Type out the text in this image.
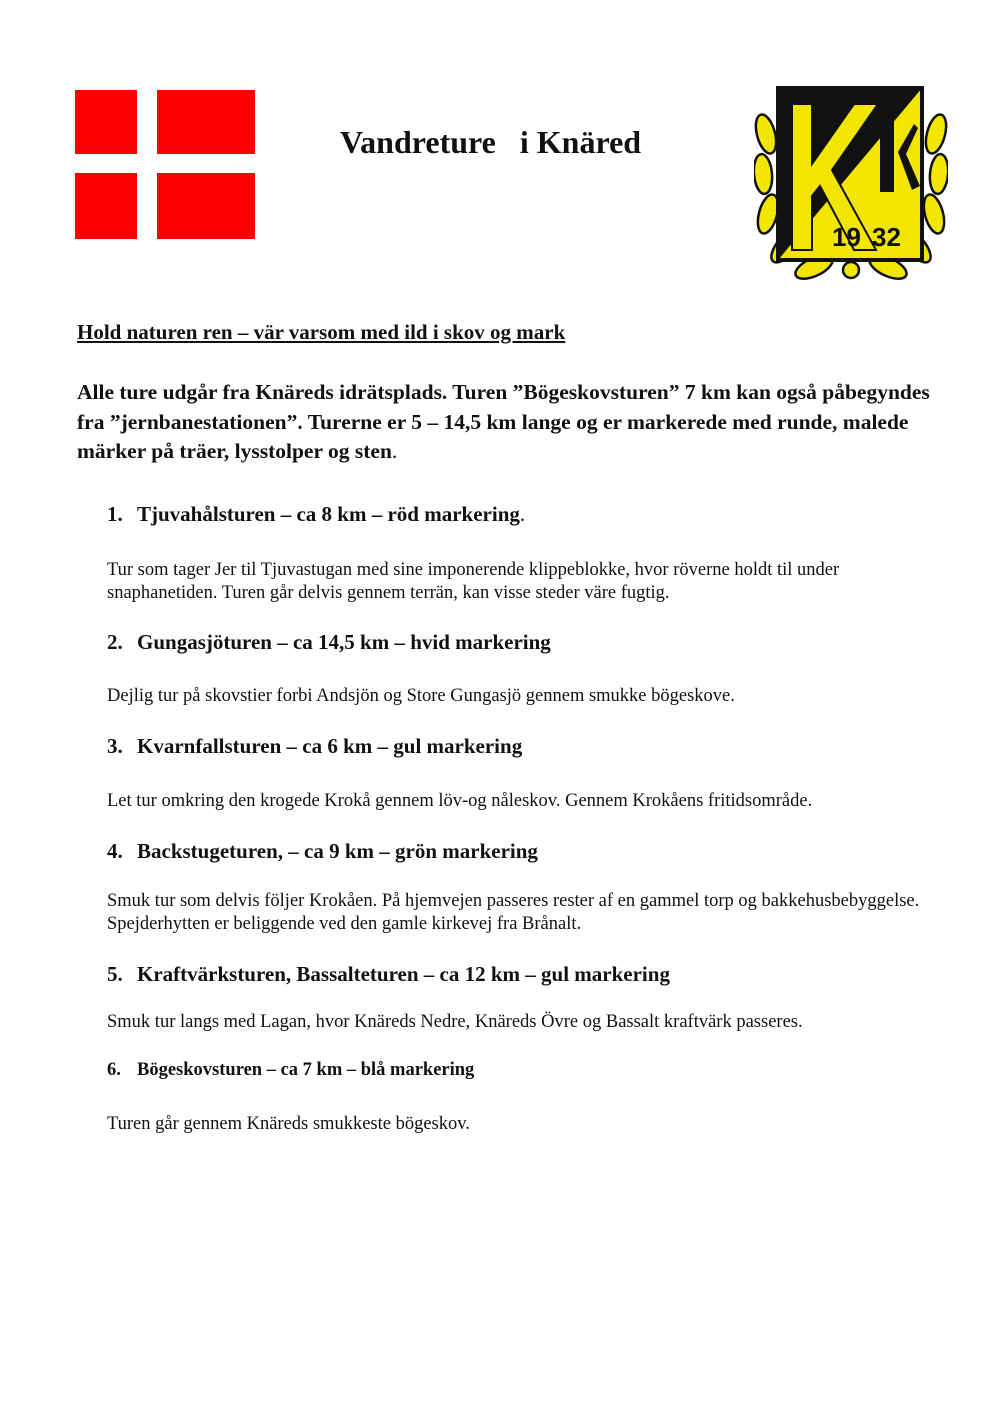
Vandreture   i Knäred
19 32

Hold naturen ren – vär varsom med ild i skov og mark

Alle ture udgår fra Knäreds idrätsplads. Turen ”Bögeskovsturen” 7 km kan også påbegyndes fra ”jernbanestationen”. Turerne er 5 – 14,5 km lange og er markerede med runde, malede märker på träer, lysstolper og sten.

1. Tjuvahålsturen – ca 8 km – röd markering.

Tur som tager Jer til Tjuvastugan med sine imponerende klippeblokke, hvor röverne holdt til under snaphanetiden. Turen går delvis gennem terrän, kan visse steder väre fugtig.

2. Gungasjöturen – ca 14,5 km – hvid markering

Dejlig tur på skovstier forbi Andsjön og Store Gungasjö gennem smukke bögeskove.

3. Kvarnfallsturen – ca 6 km – gul markering

Let tur omkring den krogede Krokå gennem löv-og nåleskov. Gennem Krokåens fritidsområde.

4. Backstugeturen, – ca 9 km – grön markering

Smuk tur som delvis följer Krokåen. På hjemvejen passeres rester af en gammel torp og bakkehusbebyggelse. Spejderhytten er beliggende ved den gamle kirkevej fra Brånalt.

5. Kraftvärksturen, Bassalteturen – ca 12 km – gul markering

Smuk tur langs med Lagan, hvor Knäreds Nedre, Knäreds Övre og Bassalt kraftvärk passeres.

6. Bögeskovsturen – ca 7 km – blå markering

Turen går gennem Knäreds smukkeste bögeskov.
